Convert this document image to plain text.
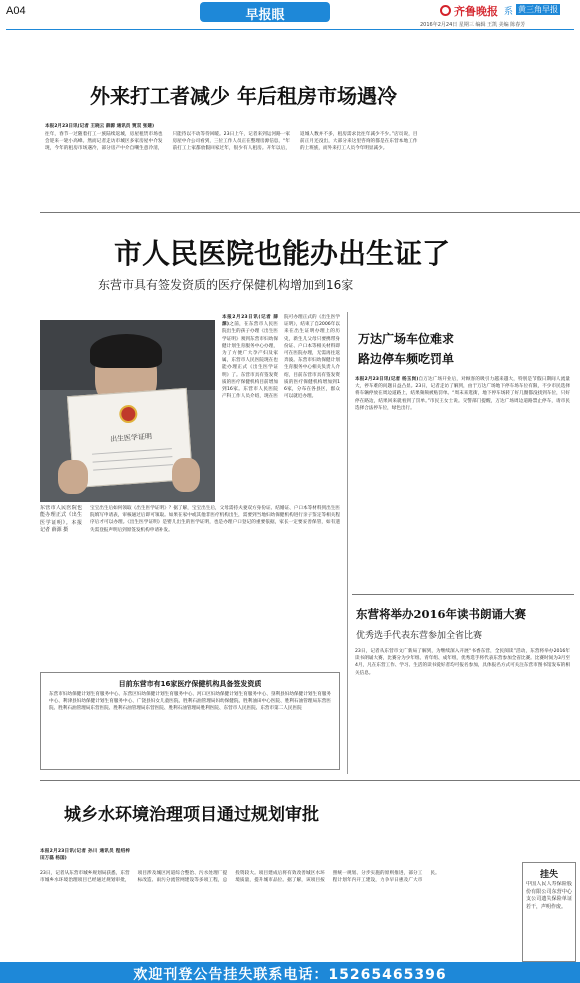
A04	早报眼	齐鲁晚报 系 黄三角早报
2016年2月24日 星期三 编辑 王凯 美编 陈春芳
外来打工者减少 年后租房市场遇冷
本报2月23日讯(记者 王晓云 薛源 通讯员 贾双 张建)
往年，春节一过随着打工一族陆续返城，房屋租赁市场也会迎来一轮小高峰。然而记者走访市城区多家房屋中介发现，今年的租房市场遇冷，部分房产中介自嘲生意冷清，只能待以不动等待回暖。23日上午，记者来到运河路一家房屋中介公司看到，三位工作人员正在整理房源信息，“年前打工上家都放假回家过年，很少有人租房。开年以后，返城人数并不多，租房需求比往年减少不少。”店员说，目前正月还没出，大部分来这里咨询的都是在东营本地工作的上班族，而外来打工人员今年明显减少。
市人民医院也能办出生证了
东营市具有签发资质的医疗保健机构增加到16家
出生医学证明
东营市人民医院也能办理正式《出生医学证明》。本报记者 薛源 摄
本报2月23日讯(记者 薛源)之前，在东营市人民医院出生的孩子办理《出生医学证明》须到东营市妇幼保健计划生育服务中心办理，为了方便广大孕产妇及家属，东营市人民医院现在也能办理正式《出生医学证明》了。东营市具有签发资质的医疗保健机构目前增加到16家。东营市人民医院产科工作人员介绍，现在医院可办理正式的《出生医学证明》，结束了自2006年以来在出生证明办理上的历史，新生儿父母只要携带身份证、户口本等相关材料即可在医院办理，无需再往返奔波。东营市妇幼保健计划生育服务中心相关负责人介绍，目前东营市具有签发资质的医疗保健机构增加到16家，分布在各县区，群众可以就近办理。
宝宝出生后如何领取《出生医学证明》？据了解，宝宝出生后，父母需持夫妻双方身份证、结婚证、户口本等材料到出生医院填写申请表，审核通过后即可领取。如果在家中或其他非医疗机构出生，需要到当地妇幼保健机构进行亲子鉴定等相关程序后才可以办理。《出生医学证明》是婴儿出生的医学证明，也是办理户口登记的重要依据，家长一定要妥善保管，如有遗失需登报声明后到原签发机构申请补发。
目前东营市有16家医疗保健机构具备签发资质
东营市妇幼保健计划生育服务中心、东营区妇幼保健计划生育服务中心、河口区妇幼保健计划生育服务中心、垦利县妇幼保健计划生育服务中心、利津县妇幼保健计划生育服务中心、广饶县妇女儿童医院、胜利石油管理局妇幼保健院、胜利油田中心医院、胜利石油管理局东营医院、胜利石油管理局东营医院、胜利石油管理局东营医院、胜利石油管理局胜利医院、东营市人民医院、东营市第二人民医院
万达广场车位难求
路边停车频吃罚单
本报2月23日讯(记者 杨玉岗)自万达广场开业后，对顾客的吸引力越来越大，特别是节假日期间人流量大，停车难的问题日益凸显。23日，记者走访了解到，由于万达广场地下停车场车位有限，不少市民选择将车辆停放在周边道路上，结果频频被贴罚单。“周末来逛街，地下停车场转了好几圈都没找到车位，只好停在路边，结果回来就看到了罚单。”市民王女士说。交警部门提醒，万达广场周边道路禁止停车，请市民选择合法停车位，绿色出行。
东营将举办2016年读书朗诵大赛
优秀选手代表东营参加全省比赛
23日，记者从东营市文广新局了解到，为继续深入开展“书香东营，全民阅读”活动，东营将举办2016年读书朗诵大赛，比赛分为少年组、青年组、成年组，优秀选手将代表东营参加全省比赛。比赛时间为3月至4月，凡在东营工作、学习、生活的读书爱好者均可报名参加，具体报名方式可关注东营市图书馆发布的相关信息。
城乡水环境治理项目通过规划审批
本报2月23日讯(记者 孙川 通讯员 程绍梓 田万磊 杨国)
23日，记者从东营市城乡规划局获悉，东营市城乡水环境治理项目已经通过规划审批，项目涉及城区河道综合整治、污水处理厂提标改造、雨污分流管网建设等多项工程，总投资较大。项目建成后将有效改善城区水环境质量，提升城市品位。据了解，该项目按照统一规划、分步实施的原则推进，部分工程计划年内开工建设，力争早日惠及广大市民。	挂失
中国人民人寿保险股份有限公司东营中心支公司遗失保险单证若干，声明作废。
欢迎刊登公告挂失联系电话：15265465396
